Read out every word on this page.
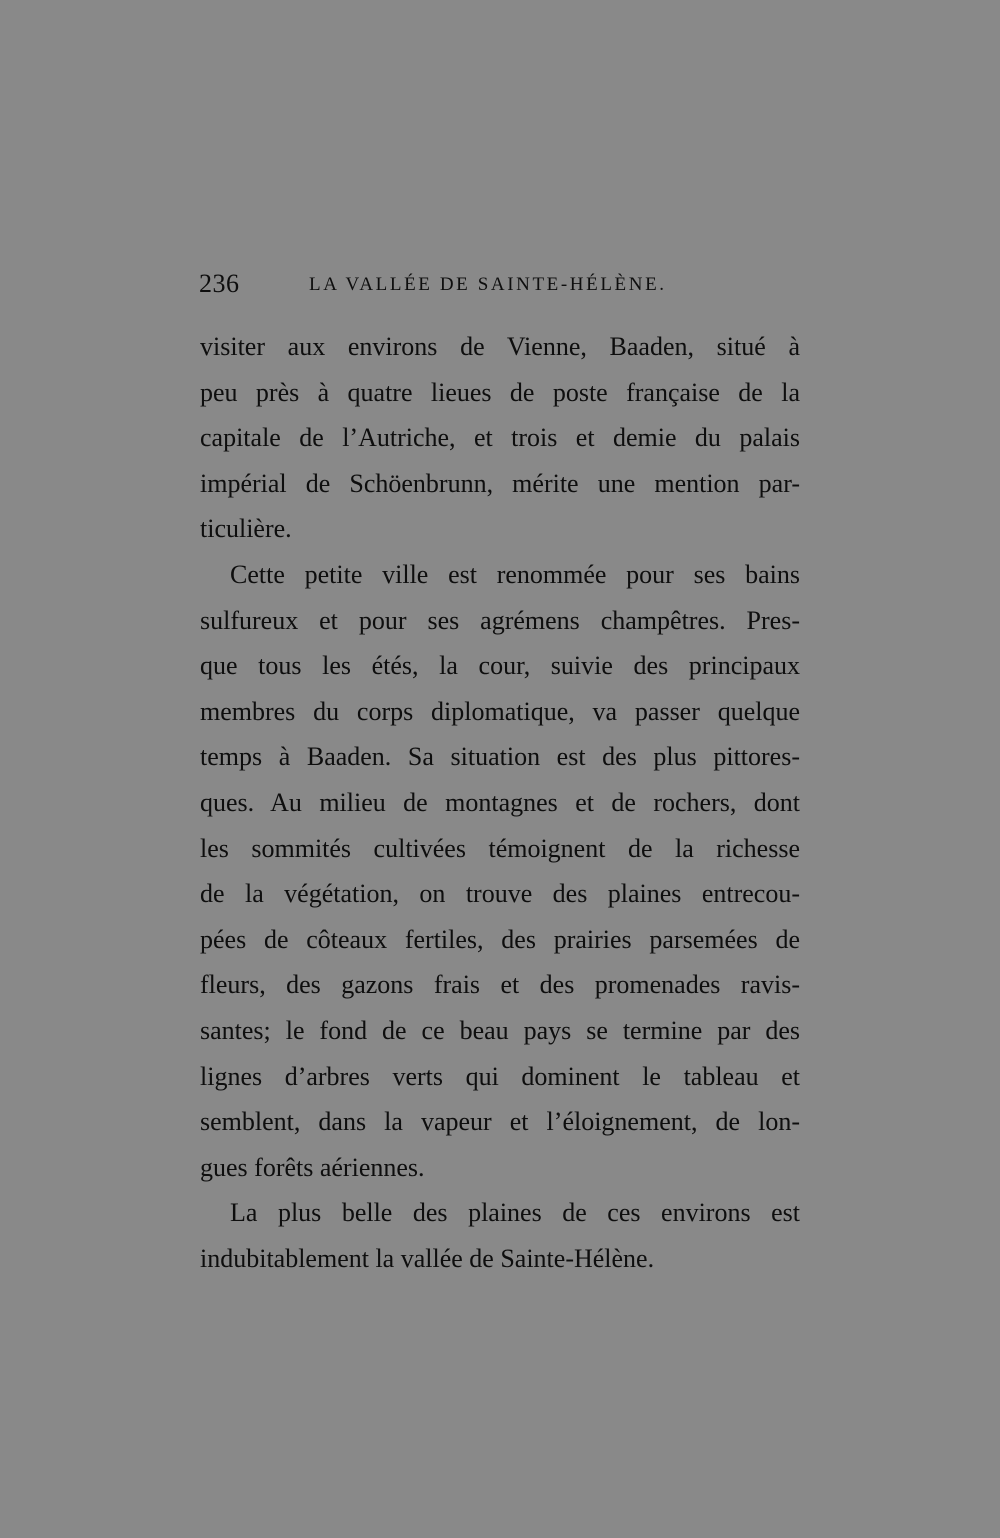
236	LA VALLÉE DE SAINTE-HÉLÈNE.
visiter aux environs de Vienne, Baaden, situé à
peu près à quatre lieues de poste française de la
capitale de l’Autriche, et trois et demie du palais
impérial de Schöenbrunn, mérite une mention par-
ticulière.
Cette petite ville est renommée pour ses bains
sulfureux et pour ses agrémens champêtres. Pres-
que tous les étés, la cour, suivie des principaux
membres du corps diplomatique, va passer quelque
temps à Baaden. Sa situation est des plus pittores-
ques. Au milieu de montagnes et de rochers, dont
les sommités cultivées témoignent de la richesse
de la végétation, on trouve des plaines entrecou-
pées de côteaux fertiles, des prairies parsemées de
fleurs, des gazons frais et des promenades ravis-
santes; le fond de ce beau pays se termine par des
lignes d’arbres verts qui dominent le tableau et
semblent, dans la vapeur et l’éloignement, de lon-
gues forêts aériennes.
La plus belle des plaines de ces environs est
indubitablement la vallée de Sainte-Hélène.
